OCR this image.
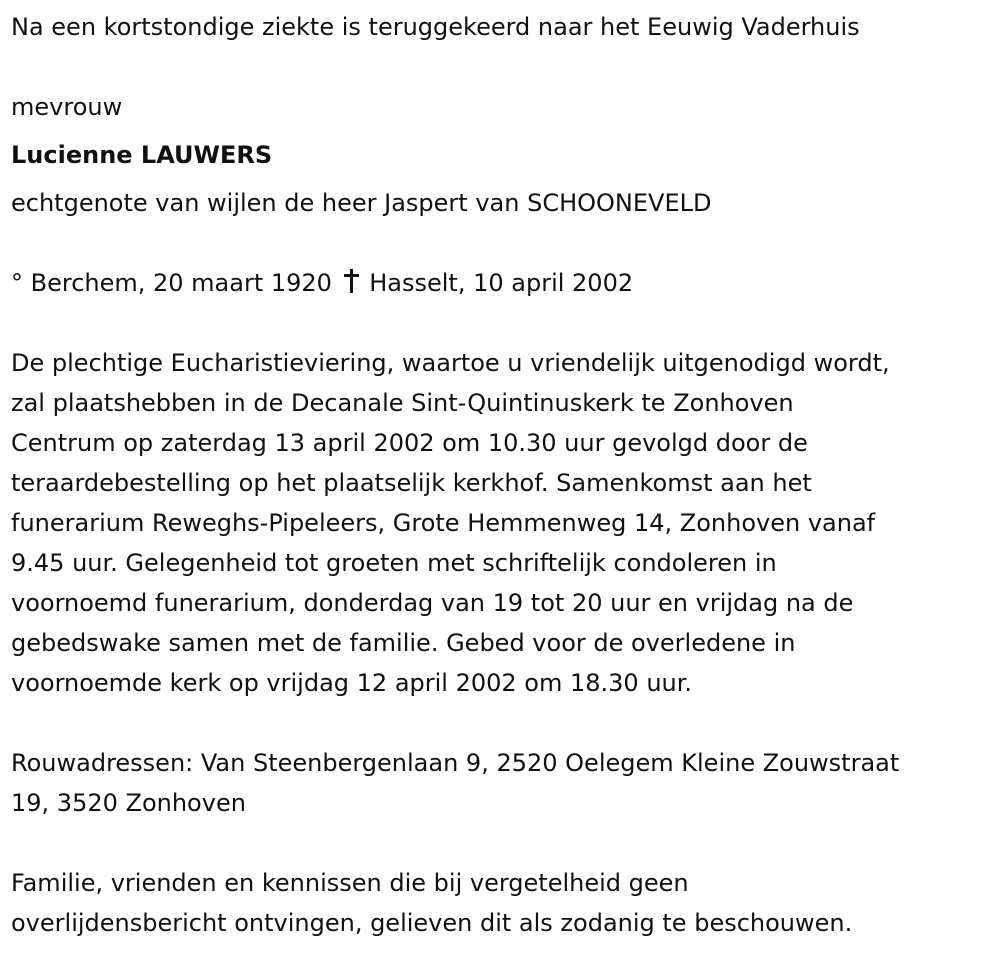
Na een kortstondige ziekte is teruggekeerd naar het Eeuwig Vaderhuis

mevrouw

Lucienne LAUWERS

echtgenote van wijlen de heer Jaspert van SCHOONEVELD

° Berchem, 20 maart 1920 Hasselt, 10 april 2002

De plechtige Eucharistieviering, waartoe u vriendelijk uitgenodigd wordt,

zal plaatshebben in de Decanale Sint-Quintinuskerk te Zonhoven

Centrum op zaterdag 13 april 2002 om 10.30 uur gevolgd door de

teraardebestelling op het plaatselijk kerkhof. Samenkomst aan het

funerarium Reweghs-Pipeleers, Grote Hemmenweg 14, Zonhoven vanaf

9.45 uur. Gelegenheid tot groeten met schriftelijk condoleren in

voornoemd funerarium, donderdag van 19 tot 20 uur en vrijdag na de

gebedswake samen met de familie. Gebed voor de overledene in

voornoemde kerk op vrijdag 12 april 2002 om 18.30 uur.

Rouwadressen: Van Steenbergenlaan 9, 2520 Oelegem Kleine Zouwstraat

19, 3520 Zonhoven

Familie, vrienden en kennissen die bij vergetelheid geen

overlijdensbericht ontvingen, gelieven dit als zodanig te beschouwen.
